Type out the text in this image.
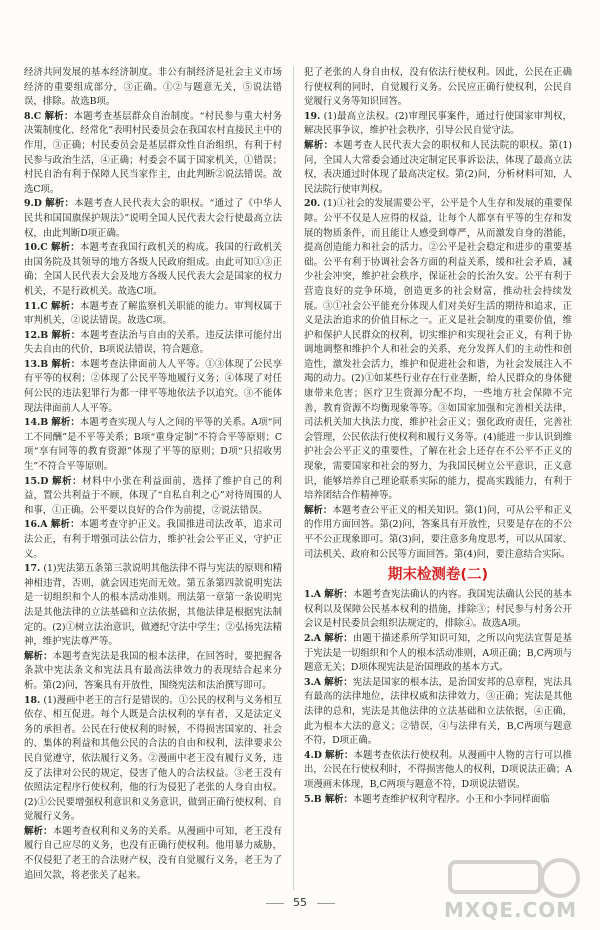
经济共同发展的基本经济制度。非公有制经济是社会主义市场经济的重要组成部分，③正确。①②与题意无关，⑤说法错误，排除。故选B项。

8.C 解析：本题考查基层群众自治制度。“村民参与重大村务决策制度化、经常化”表明村民委员会在我国农村直接民主中的作用，③正确；村民委员会是基层群众性自治组织，有利于村民参与政治生活，④正确；村委会不属于国家机关，①错误；村民自治有利于保障人民当家作主，由此判断②说法错误。故选C项。

9.D 解析：本题考查人民代表大会的职权。“通过了《中华人民共和国国旗保护规法》”说明全国人民代表大会行使最高立法权，由此判断D项正确。

10.C 解析：本题考查我国行政机关的构成。我国的行政机关由国务院及其领导的地方各级人民政府组成。由此可知①③正确；全国人民代表大会及地方各级人民代表大会是国家的权力机关，不是行政机关。故选C项。

11.C 解析：本题考查了解监察机关职能的能力。审判权属于审判机关，②说法错误。故选C项。

12.B 解析：本题考查法治与自由的关系。违反法律可能付出失去自由的代价，B项说法错误，符合题意。

13.B 解析：本题考查法律面前人人平等。①③体现了公民享有平等的权利；②体现了公民平等地履行义务；④体现了对任何公民的违法犯罪行为都一律平等地依法予以追究。③不能体现法律面前人人平等。

14.B 解析：本题考查实现人与人之间的平等的关系。A项“同工不同酬”是不平等关系；B项“重身定制”不符合平等原则；C项“享有同等的教育资源”体现了平等的原则；D项“只招收男生”不符合平等原则。

15.D 解析：材料中小张在利益面前，选择了维护自己的利益，置公共利益于不顾，体现了“自私自利之心”对待周围的人和事，①正确。公平要以良好的合作为前提，②说法错误。

16.A 解析：本题考查守护正义。我国推进司法改革，追求司法公正，有利于增强司法公信力，维护社会公平正义，守护正义。

17. (1)宪法第五条第三款说明其他法律不得与宪法的原则和精神相违背，否则，就会因违宪而无效。第五条第四款说明宪法是一切组织和个人的根本活动准则。刑法第一章第一条说明宪法是其他法律的立法基础和立法依据，其他法律是根据宪法制定的。(2)①树立法治意识，做遵纪守法中学生；②弘扬宪法精神，维护宪法尊严等。

解析：本题考查宪法是我国的根本法律，在回答时，要把握各条款中宪法条文和宪法具有最高法律效力的表现结合起来分析。第(2)问，答案具有开放性，围绕宪法和法治撰写即可。

18. (1)漫画中老王的言行是错误的。①公民的权利与义务相互依存、相互促进。每个人既是合法权利的享有者，又是法定义务的承担者。公民在行使权利的时候，不得损害国家的、社会的、集体的利益和其他公民的合法的自由和权利，法律要求公民自觉遵守，依法履行义务。②漫画中老王没有履行义务，违反了法律对公民的规定，侵害了他人的合法权益。③老王没有依照法定程序行使权利，他的行为侵犯了老张的人身自由权。(2)①公民要增强权利意识和义务意识，做到正确行使权利、自觉履行义务。

解析：本题考查权利和义务的关系。从漫画中可知，老王没有履行自己应尽的义务，也没有正确行使权利。他用暴力威胁，不仅侵犯了老王的合法财产权，没有自觉履行义务，老王为了追回欠款，将老张关了起来。

犯了老张的人身自由权，没有依法行使权利。因此，公民在正确行使权利的同时，自觉履行义务。公民应正确行使权利，公民自觉履行义务等知识回答。

19. (1)最高立法权。(2)审理民事案件，通过行使国家审判权，解决民事争议，维护社会秩序，引导公民自觉守法。

解析：本题考查人民代表大会的职权和人民法院的职权。第(1)问，全国人大常委会通过决定制定民事诉讼法，体现了最高立法权，表决通过时体现了最高决定权。第(2)问，分析材料可知，人民法院行使审判权。

20. (1)①社会的发展需要公平，公平是个人生存和发展的重要保障。公平不仅是人应得的权益，让每个人都享有平等的生存和发展的物质条件，而且能让人感受到尊严，从而激发自身的潜能，提高创造能力和社会的活力。②公平是社会稳定和进步的重要基础。公平有利于协调社会各方面的利益关系，缓和社会矛盾，减少社会冲突，维护社会秩序，保证社会的长治久安。公平有利于营造良好的竞争环境，创造更多的社会财富，推动社会持续发展。③①社会公平能充分体现人们对美好生活的期待和追求，正义是法治追求的价值目标之一。正义是社会制度的重要价值，维护和保护人民群众的权利，切实维护和实现社会正义，有利于协调地调整和维护个人和社会的关系，充分发挥人们的主动性和创造性，激发社会活力，维护和促进社会和谐，为社会发展注入不竭的动力。(2)①如某些行业存在行业垄断，给人民群众的身体健康带来危害；医疗卫生资源分配不均，一些地方社会保障不完善，教育资源不均衡现象等等。③如国家加强和完善相关法律，司法机关加大执法力度，维护社会正义；强化政府责任，完善社会管理，公民依法行使权利和履行义务等。(4)能进一步认识到维护社会公平正义的重要性，了解在社会上还存在不公平不正义的现象，需要国家和社会的努力，为我国民树立公平意识，正义意识，能够培养自己理论联系实际的能力，提高实践能力，有利于培养团结合作精神等。

解析：本题考查公平正义的相关知识。第(1)问，可从公平和正义的作用方面回答。第(2)问，答案具有开放性，只要是存在的不公平不公正现象即可。第(3)问，要注意多角度思考，可以从国家、司法机关、政府和公民等方面回答。第(4)问，要注意结合实际。

期末检测卷(二)

1.A 解析：本题考查宪法确认的内容。我国宪法确认公民的基本权利以及保障公民基本权利的措施，排除③；村民参与村务公开会议是村民委员会组织法规定的，排除④。故选A项。

2.A 解析：由题干描述系所学知识可知，之所以向宪法宣誓是基于宪法是一切组织和个人的根本活动准则，A项正确；B,C两项与题意无关；D项体现宪法是治国理政的基本方式。

3.A 解析：宪法是国家的根本法，是治国安邦的总章程，宪法具有最高的法律地位，法律权威和法律效力，③正确；宪法是其他法律的总和，宪法是其他法律的立法基础和立法依据，④正确，此为根本大法的意义；②错误，④与法律有关，B,C两项与题意不符，D项正确。

4.D 解析：本题考查依法行使权利。从漫画中人物的言行可以推出，公民在行使权利时，不得损害他人的权利，D项说法正确；A项漫画未体现，B,C两项与题意不符，D项说法错误。

5.B 解析：本题考查维护权利守程序。小王和小李同样面临

55	MXQE.COM
